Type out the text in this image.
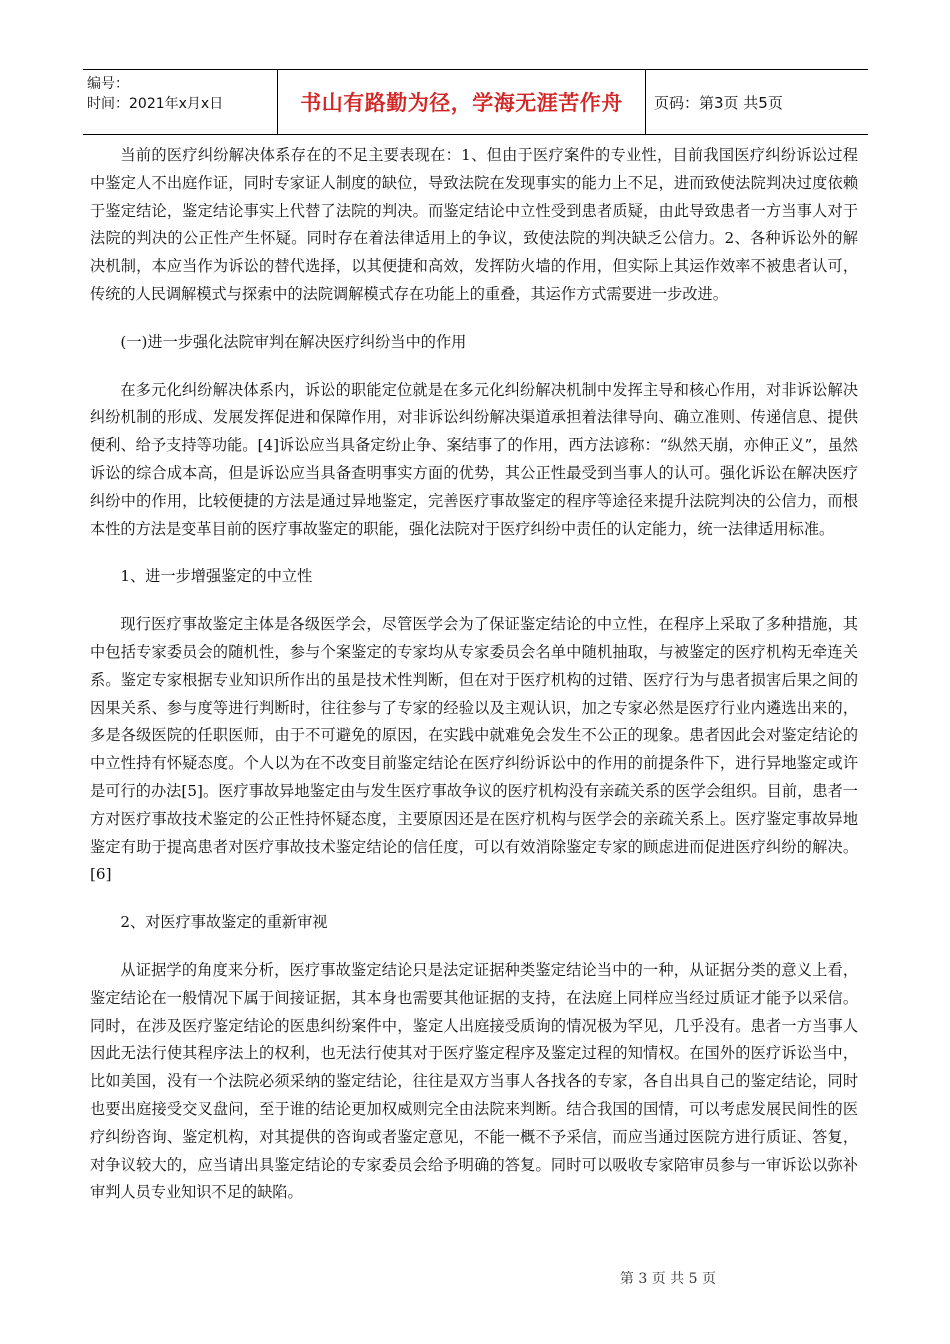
编号：
时间：2021年x月x日	书山有路勤为径，学海无涯苦作舟	页码：第3页 共5页

当前的医疗纠纷解决体系存在的不足主要表现在：1、但由于医疗案件的专业性，目前我国医疗纠纷诉讼过程中鉴定人不出庭作证，同时专家证人制度的缺位，导致法院在发现事实的能力上不足，进而致使法院判决过度依赖于鉴定结论，鉴定结论事实上代替了法院的判决。而鉴定结论中立性受到患者质疑，由此导致患者一方当事人对于法院的判决的公正性产生怀疑。同时存在着法律适用上的争议，致使法院的判决缺乏公信力。2、各种诉讼外的解决机制，本应当作为诉讼的替代选择，以其便捷和高效，发挥防火墙的作用，但实际上其运作效率不被患者认可，传统的人民调解模式与探索中的法院调解模式存在功能上的重叠，其运作方式需要进一步改进。

(一)进一步强化法院审判在解决医疗纠纷当中的作用

在多元化纠纷解决体系内，诉讼的职能定位就是在多元化纠纷解决机制中发挥主导和核心作用，对非诉讼解决纠纷机制的形成、发展发挥促进和保障作用，对非诉讼纠纷解决渠道承担着法律导向、确立准则、传递信息、提供便利、给予支持等功能。[4]诉讼应当具备定纷止争、案结事了的作用，西方法谚称：“纵然天崩，亦伸正义”，虽然诉讼的综合成本高，但是诉讼应当具备查明事实方面的优势，其公正性最受到当事人的认可。强化诉讼在解决医疗纠纷中的作用，比较便捷的方法是通过异地鉴定，完善医疗事故鉴定的程序等途径来提升法院判决的公信力，而根本性的方法是变革目前的医疗事故鉴定的职能，强化法院对于医疗纠纷中责任的认定能力，统一法律适用标准。

1、进一步增强鉴定的中立性

现行医疗事故鉴定主体是各级医学会，尽管医学会为了保证鉴定结论的中立性，在程序上采取了多种措施，其中包括专家委员会的随机性，参与个案鉴定的专家均从专家委员会名单中随机抽取，与被鉴定的医疗机构无牵连关系。鉴定专家根据专业知识所作出的虽是技术性判断，但在对于医疗机构的过错、医疗行为与患者损害后果之间的因果关系、参与度等进行判断时，往往参与了专家的经验以及主观认识，加之专家必然是医疗行业内遴选出来的，多是各级医院的任职医师，由于不可避免的原因，在实践中就难免会发生不公正的现象。患者因此会对鉴定结论的中立性持有怀疑态度。个人以为在不改变目前鉴定结论在医疗纠纷诉讼中的作用的前提条件下，进行异地鉴定或许是可行的办法[5]。医疗事故异地鉴定由与发生医疗事故争议的医疗机构没有亲疏关系的医学会组织。目前，患者一方对医疗事故技术鉴定的公正性持怀疑态度，主要原因还是在医疗机构与医学会的亲疏关系上。医疗鉴定事故异地鉴定有助于提高患者对医疗事故技术鉴定结论的信任度，可以有效消除鉴定专家的顾虑进而促进医疗纠纷的解决。[6]

2、对医疗事故鉴定的重新审视

从证据学的角度来分析，医疗事故鉴定结论只是法定证据种类鉴定结论当中的一种，从证据分类的意义上看，鉴定结论在一般情况下属于间接证据，其本身也需要其他证据的支持，在法庭上同样应当经过质证才能予以采信。同时，在涉及医疗鉴定结论的医患纠纷案件中，鉴定人出庭接受质询的情况极为罕见，几乎没有。患者一方当事人因此无法行使其程序法上的权利，也无法行使其对于医疗鉴定程序及鉴定过程的知情权。在国外的医疗诉讼当中，比如美国，没有一个法院必须采纳的鉴定结论，往往是双方当事人各找各的专家，各自出具自己的鉴定结论，同时也要出庭接受交叉盘问，至于谁的结论更加权威则完全由法院来判断。结合我国的国情，可以考虑发展民间性的医疗纠纷咨询、鉴定机构，对其提供的咨询或者鉴定意见，不能一概不予采信，而应当通过医院方进行质证、答复，对争议较大的，应当请出具鉴定结论的专家委员会给予明确的答复。同时可以吸收专家陪审员参与一审诉讼以弥补审判人员专业知识不足的缺陷。

第 3 页 共 5 页
